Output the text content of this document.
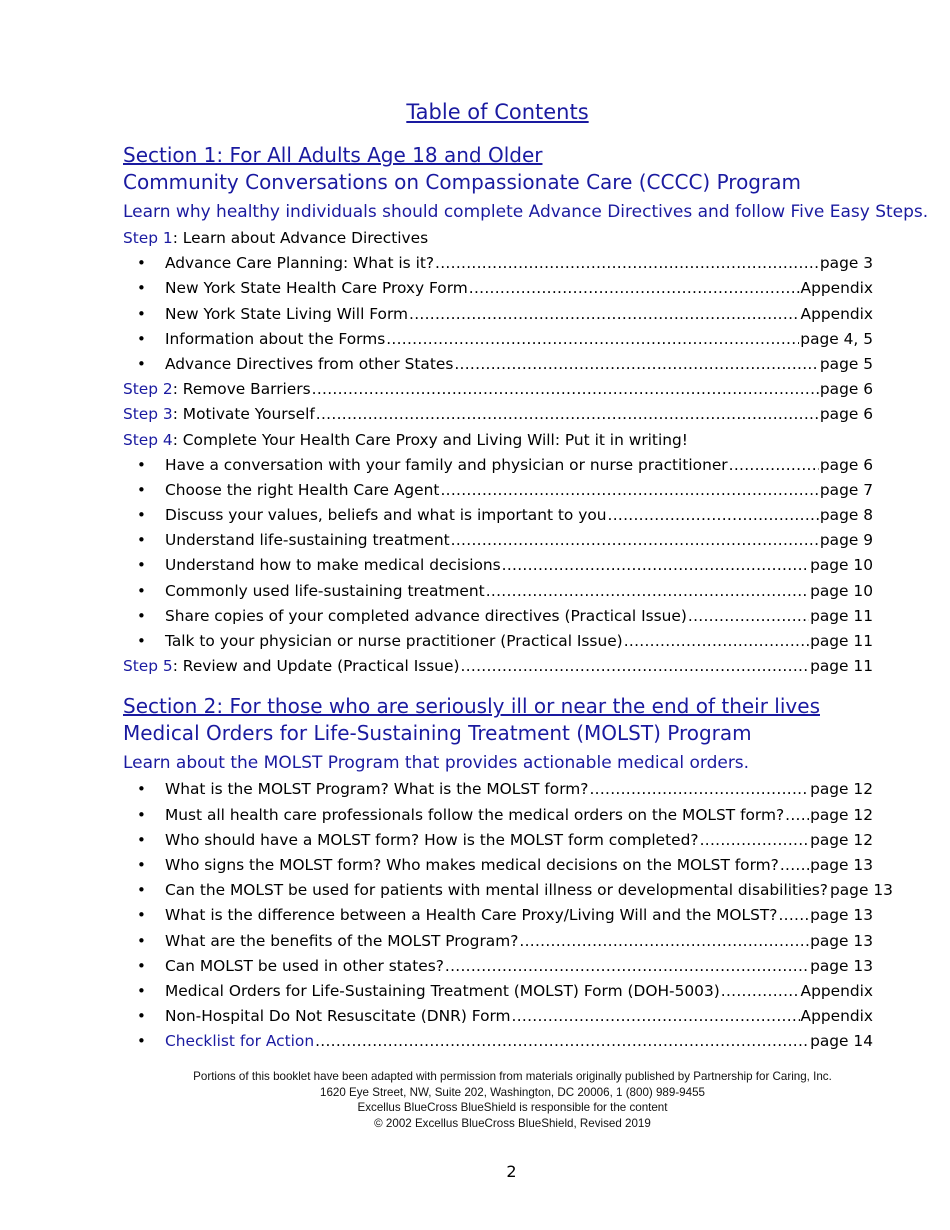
Table of Contents
Section 1: For All Adults Age 18 and Older
Community Conversations on Compassionate Care (CCCC) Program
Learn why healthy individuals should complete Advance Directives and follow Five Easy Steps.
Step 1 : Learn about Advance Directives
•	Advance Care Planning: What is it? .....	page 3
•	New York State Health Care Proxy Form .....	Appendix
•	New York State Living Will Form .....	Appendix
•	Information about the Forms .....	page 4, 5
•	Advance Directives from other States .....	page 5
Step 2 : Remove Barriers .....	page 6
Step 3 : Motivate Yourself .....	page 6
Step 4 : Complete Your Health Care Proxy and Living Will: Put it in writing!
•	Have a conversation with your family and physician or nurse practitioner .....	page 6
•	Choose the right Health Care Agent .....	page 7
•	Discuss your values, beliefs and what is important to you .....	page 8
•	Understand life-sustaining treatment .....	page 9
•	Understand how to make medical decisions .....	page 10
•	Commonly used life-sustaining treatment .....	page 10
•	Share copies of your completed advance directives (Practical Issue) .....	page 11
•	Talk to your physician or nurse practitioner (Practical Issue) .....	page 11
Step 5 : Review and Update (Practical Issue) .....	page 11
Section 2: For those who are seriously ill or near the end of their lives
Medical Orders for Life-Sustaining Treatment (MOLST) Program
Learn about the MOLST Program that provides actionable medical orders.
•	What is the MOLST Program? What is the MOLST form? .....	page 12
•	Must all health care professionals follow the medical orders on the MOLST form? ..... page 12
•	Who should have a MOLST form? How is the MOLST form completed? .....	page 12
•	Who signs the MOLST form? Who makes medical decisions on the MOLST form? ..... page 13
•	Can the MOLST be used for patients with mental illness or developmental disabilities? page 13
•	What is the difference between a Health Care Proxy/Living Will and the MOLST? ..... page 13
•	What are the benefits of the MOLST Program? .....	page 13
•	Can MOLST be used in other states? .....	page 13
•	Medical Orders for Life-Sustaining Treatment (MOLST) Form (DOH-5003) .....	Appendix
•	Non-Hospital Do Not Resuscitate (DNR) Form .....	Appendix
•	Checklist for Action .....	page 14
Portions of this booklet have been adapted with permission from materials originally published by Partnership for Caring, Inc.
1620 Eye Street, NW, Suite 202, Washington, DC 20006, 1 (800) 989-9455
Excellus BlueCross BlueShield is responsible for the content
© 2002 Excellus BlueCross BlueShield, Revised 2019
2
